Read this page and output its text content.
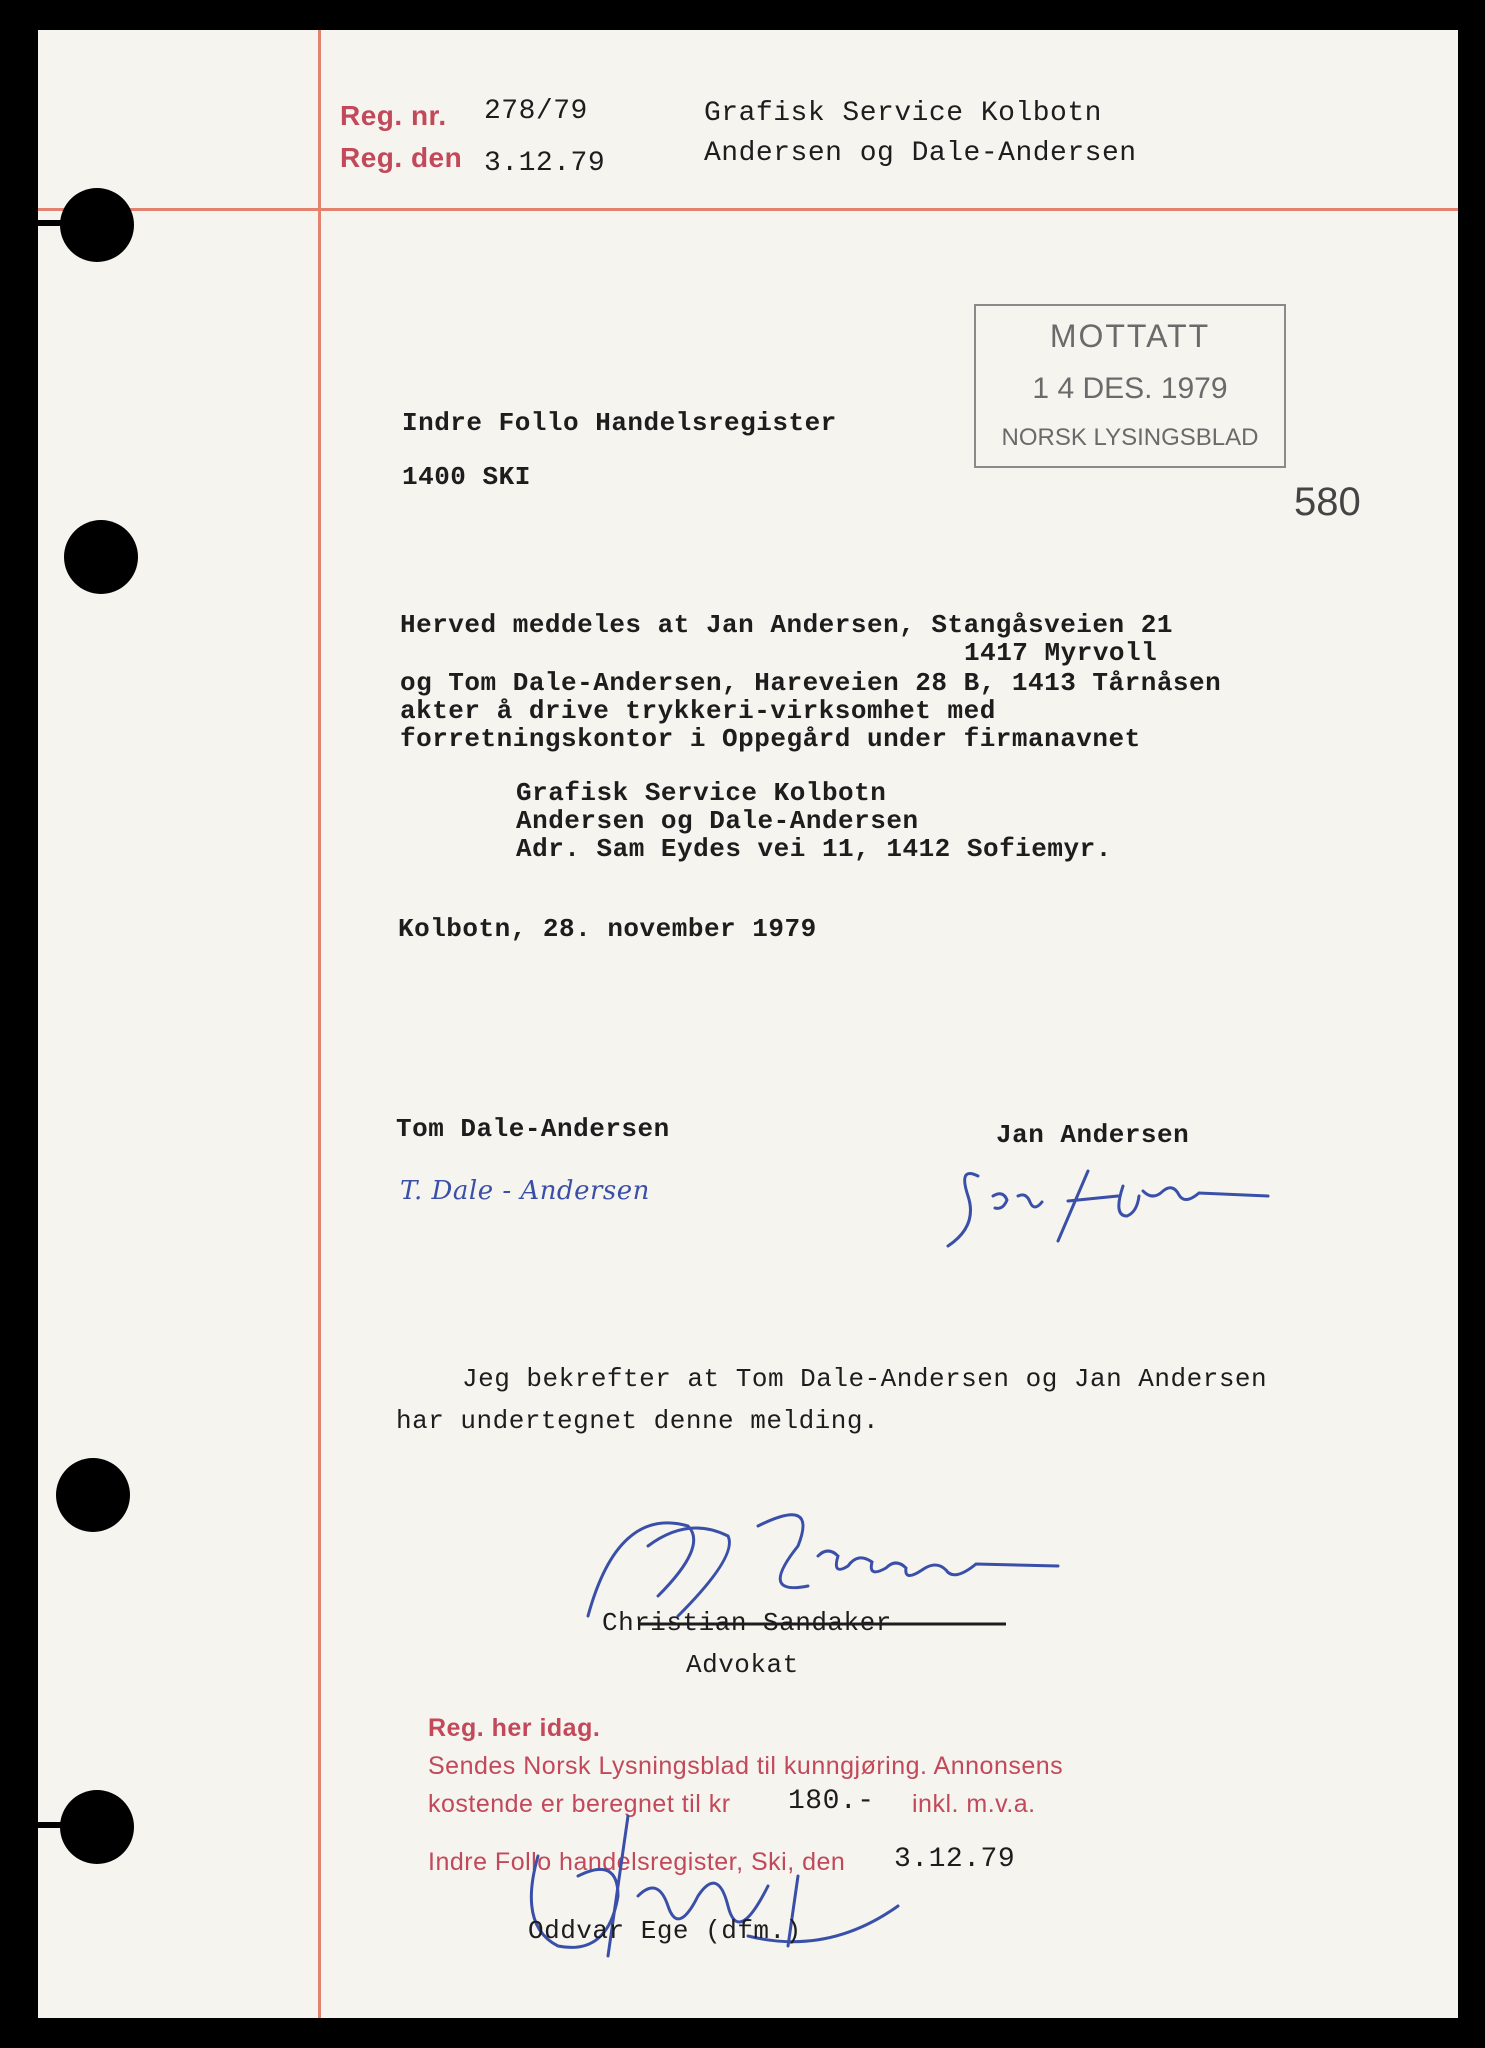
Reg. nr. 278/79
Reg. den 3.12.79
Grafisk Service Kolbotn
Andersen og Dale-Andersen
MOTTATT
1 4 DES. 1979
NORSK LYSINGSBLAD
580
Indre Follo Handelsregister
1400 SKI
Herved meddeles at Jan Andersen, Stangåsveien 21
1417 Myrvoll
og Tom Dale-Andersen, Hareveien 28 B, 1413 Tårnåsen
akter å drive trykkeri-virksomhet med
forretningskontor i Oppegård under firmanavnet
Grafisk Service Kolbotn
Andersen og Dale-Andersen
Adr. Sam Eydes vei 11, 1412 Sofiemyr.
Kolbotn, 28. november 1979
Tom Dale-Andersen	Jan Andersen
T. Dale - Andersen
Jeg bekrefter at Tom Dale-Andersen og Jan Andersen
har undertegnet denne melding.
Christian Sandaker
Advokat
Reg. her idag.
Sendes Norsk Lysningsblad til kunngjøring. Annonsens
kostende er beregnet til kr 180.- inkl. m.v.a.
Indre Follo handelsregister, Ski, den 3.12.79
Oddvar Ege (dfm.)
